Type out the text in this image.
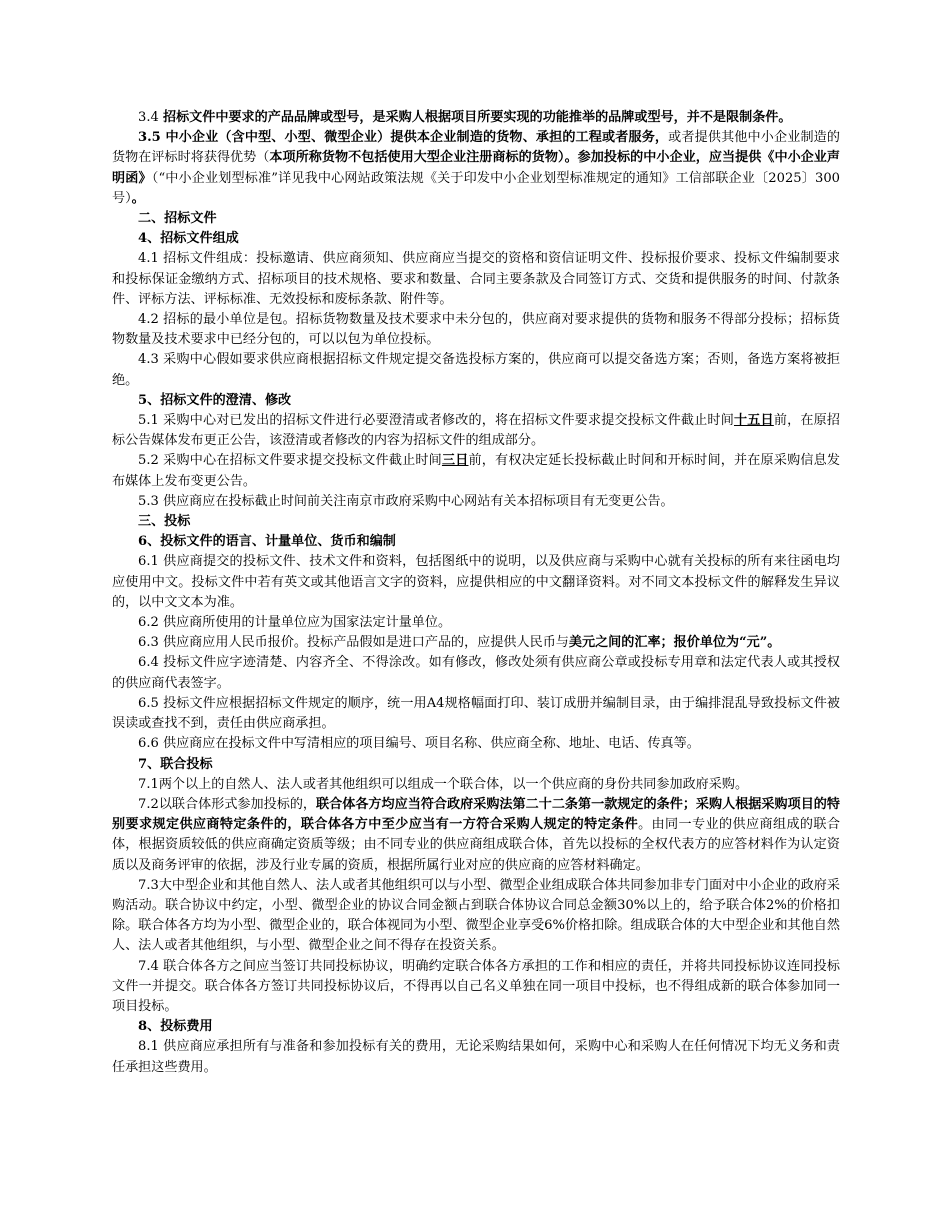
3.4 招标文件中要求的产品品牌或型号，是采购人根据项目所要实现的功能推举的品牌或型号，并不是限制条件。

3.5 中小企业（含中型、小型、微型企业）提供本企业制造的货物、承担的工程或者服务，或者提供其他中小企业制造的货物在评标时将获得优势（本项所称货物不包括使用大型企业注册商标的货物）。参加投标的中小企业，应当提供《中小企业声明函》（“中小企业划型标准”详见我中心网站政策法规《关于印发中小企业划型标准规定的通知》工信部联企业〔2025〕300号）。

二、招标文件

4、招标文件组成

4.1 招标文件组成：投标邀请、供应商须知、供应商应当提交的资格和资信证明文件、投标报价要求、投标文件编制要求和投标保证金缴纳方式、招标项目的技术规格、要求和数量、合同主要条款及合同签订方式、交货和提供服务的时间、付款条件、评标方法、评标标准、无效投标和废标条款、附件等。

4.2 招标的最小单位是包。招标货物数量及技术要求中未分包的，供应商对要求提供的货物和服务不得部分投标；招标货物数量及技术要求中已经分包的，可以以包为单位投标。

4.3 采购中心假如要求供应商根据招标文件规定提交备选投标方案的，供应商可以提交备选方案；否则，备选方案将被拒绝。

5、招标文件的澄清、修改

5.1 采购中心对已发出的招标文件进行必要澄清或者修改的，将在招标文件要求提交投标文件截止时间十五日前，在原招标公告媒体发布更正公告，该澄清或者修改的内容为招标文件的组成部分。

5.2 采购中心在招标文件要求提交投标文件截止时间三日前，有权决定延长投标截止时间和开标时间，并在原采购信息发布媒体上发布变更公告。

5.3 供应商应在投标截止时间前关注南京市政府采购中心网站有关本招标项目有无变更公告。

三、投标

6、投标文件的语言、计量单位、货币和编制

6.1 供应商提交的投标文件、技术文件和资料，包括图纸中的说明，以及供应商与采购中心就有关投标的所有来往函电均应使用中文。投标文件中若有英文或其他语言文字的资料，应提供相应的中文翻译资料。对不同文本投标文件的解释发生异议的，以中文文本为准。

6.2 供应商所使用的计量单位应为国家法定计量单位。

6.3 供应商应用人民币报价。投标产品假如是进口产品的，应提供人民币与美元之间的汇率；报价单位为“元”。

6.4 投标文件应字迹清楚、内容齐全、不得涂改。如有修改，修改处须有供应商公章或投标专用章和法定代表人或其授权的供应商代表签字。

6.5 投标文件应根据招标文件规定的顺序，统一用A4规格幅面打印、装订成册并编制目录，由于编排混乱导致投标文件被误读或查找不到，责任由供应商承担。

6.6 供应商应在投标文件中写清相应的项目编号、项目名称、供应商全称、地址、电话、传真等。

7、联合投标

7.1两个以上的自然人、法人或者其他组织可以组成一个联合体，以一个供应商的身份共同参加政府采购。

7.2以联合体形式参加投标的，联合体各方均应当符合政府采购法第二十二条第一款规定的条件；采购人根据采购项目的特别要求规定供应商特定条件的，联合体各方中至少应当有一方符合采购人规定的特定条件。由同一专业的供应商组成的联合体，根据资质较低的供应商确定资质等级；由不同专业的供应商组成联合体，首先以投标的全权代表方的应答材料作为认定资质以及商务评审的依据，涉及行业专属的资质，根据所属行业对应的供应商的应答材料确定。

7.3大中型企业和其他自然人、法人或者其他组织可以与小型、微型企业组成联合体共同参加非专门面对中小企业的政府采购活动。联合协议中约定，小型、微型企业的协议合同金额占到联合体协议合同总金额30%以上的，给予联合体2%的价格扣除。联合体各方均为小型、微型企业的，联合体视同为小型、微型企业享受6%价格扣除。组成联合体的大中型企业和其他自然人、法人或者其他组织，与小型、微型企业之间不得存在投资关系。

7.4 联合体各方之间应当签订共同投标协议，明确约定联合体各方承担的工作和相应的责任，并将共同投标协议连同投标文件一并提交。联合体各方签订共同投标协议后，不得再以自己名义单独在同一项目中投标，也不得组成新的联合体参加同一项目投标。

8、投标费用

8.1 供应商应承担所有与准备和参加投标有关的费用，无论采购结果如何，采购中心和采购人在任何情况下均无义务和责任承担这些费用。
